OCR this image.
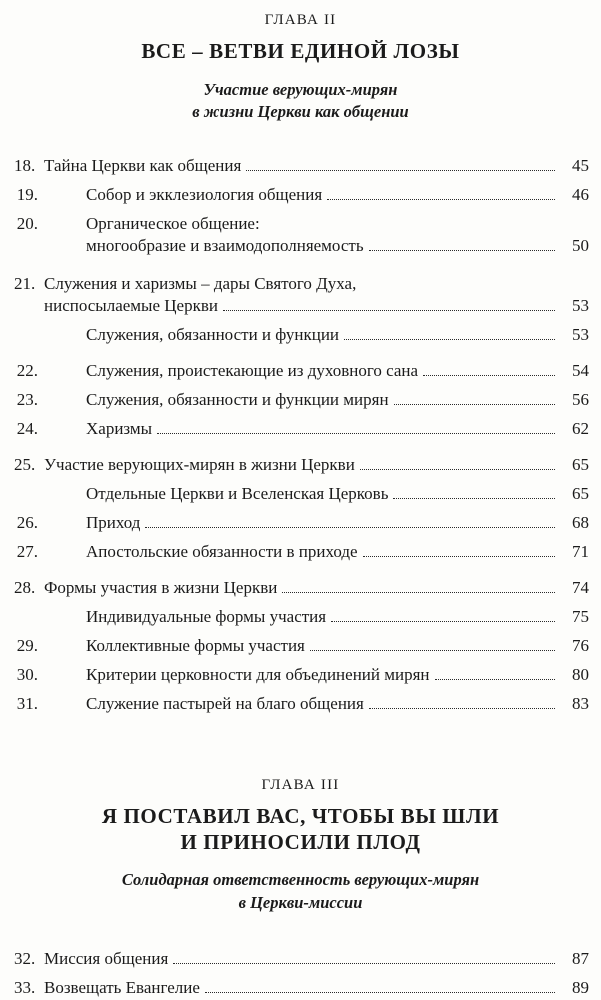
ГЛАВА II
ВСЕ – ВЕТВИ ЕДИНОЙ ЛОЗЫ
Участие верующих-мирян
в жизни Церкви как общении
18. Тайна Церкви как общения	45
19.	Собор и экклезиология общения	46
20.	Органическое общение:
многообразие и взаимодополняемость	50
21. Служения и харизмы – дары Святого Духа,
ниспосылаемые Церкви	53
Служения, обязанности и функции	53
22.	Служения, проистекающие из духовного сана	54
23.	Служения, обязанности и функции мирян	56
24.	Харизмы	62
25. Участие верующих-мирян в жизни Церкви	65
Отдельные Церкви и Вселенская Церковь	65
26.	Приход	68
27.	Апостольские обязанности в приходе	71
28. Формы участия в жизни Церкви	74
Индивидуальные формы участия	75
29.	Коллективные формы участия	76
30.	Критерии церковности для объединений мирян	80
31.	Служение пастырей на благо общения	83
ГЛАВА III
Я ПОСТАВИЛ ВАС, ЧТОБЫ ВЫ ШЛИ
И ПРИНОСИЛИ ПЛОД
Солидарная ответственность верующих-мирян
в Церкви-миссии
32. Миссия общения	87
33. Возвещать Евангелие	89
